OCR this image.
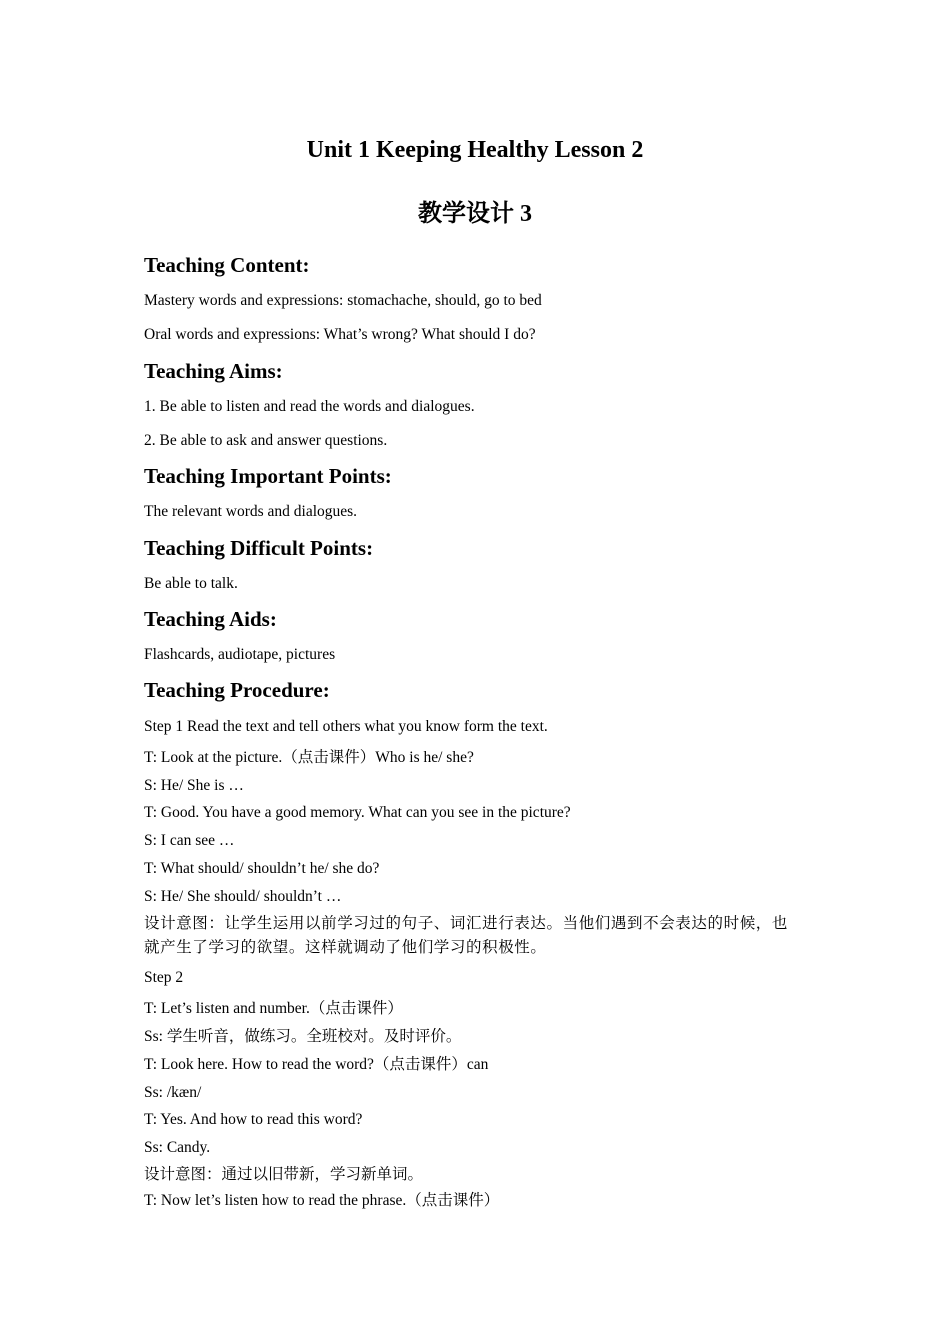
Unit 1 Keeping Healthy Lesson 2
教学设计 3
Teaching Content:
Mastery words and expressions: stomachache, should, go to bed
Oral words and expressions: What’s wrong? What should I do?
Teaching Aims:
1. Be able to listen and read the words and dialogues.
2. Be able to ask and answer questions.
Teaching Important Points:
The relevant words and dialogues.
Teaching Difficult Points:
Be able to talk.
Teaching Aids:
Flashcards, audiotape, pictures
Teaching Procedure:
Step 1 Read the text and tell others what you know form the text.
T: Look at the picture.（点击课件）Who is he/ she?
S: He/ She is …
T: Good. You have a good memory. What can you see in the picture?
S: I can see …
T: What should/ shouldn’t he/ she do?
S: He/ She should/ shouldn’t …
设计意图：让学生运用以前学习过的句子、词汇进行表达。当他们遇到不会表达的时候，也就产生了学习的欲望。这样就调动了他们学习的积极性。
Step 2
T: Let’s listen and number.（点击课件）
Ss: 学生听音，做练习。全班校对。及时评价。
T: Look here. How to read the word?（点击课件）can
Ss: /kæn/
T: Yes. And how to read this word?
Ss: Candy.
设计意图：通过以旧带新，学习新单词。
T: Now let’s listen how to read the phrase.（点击课件）
